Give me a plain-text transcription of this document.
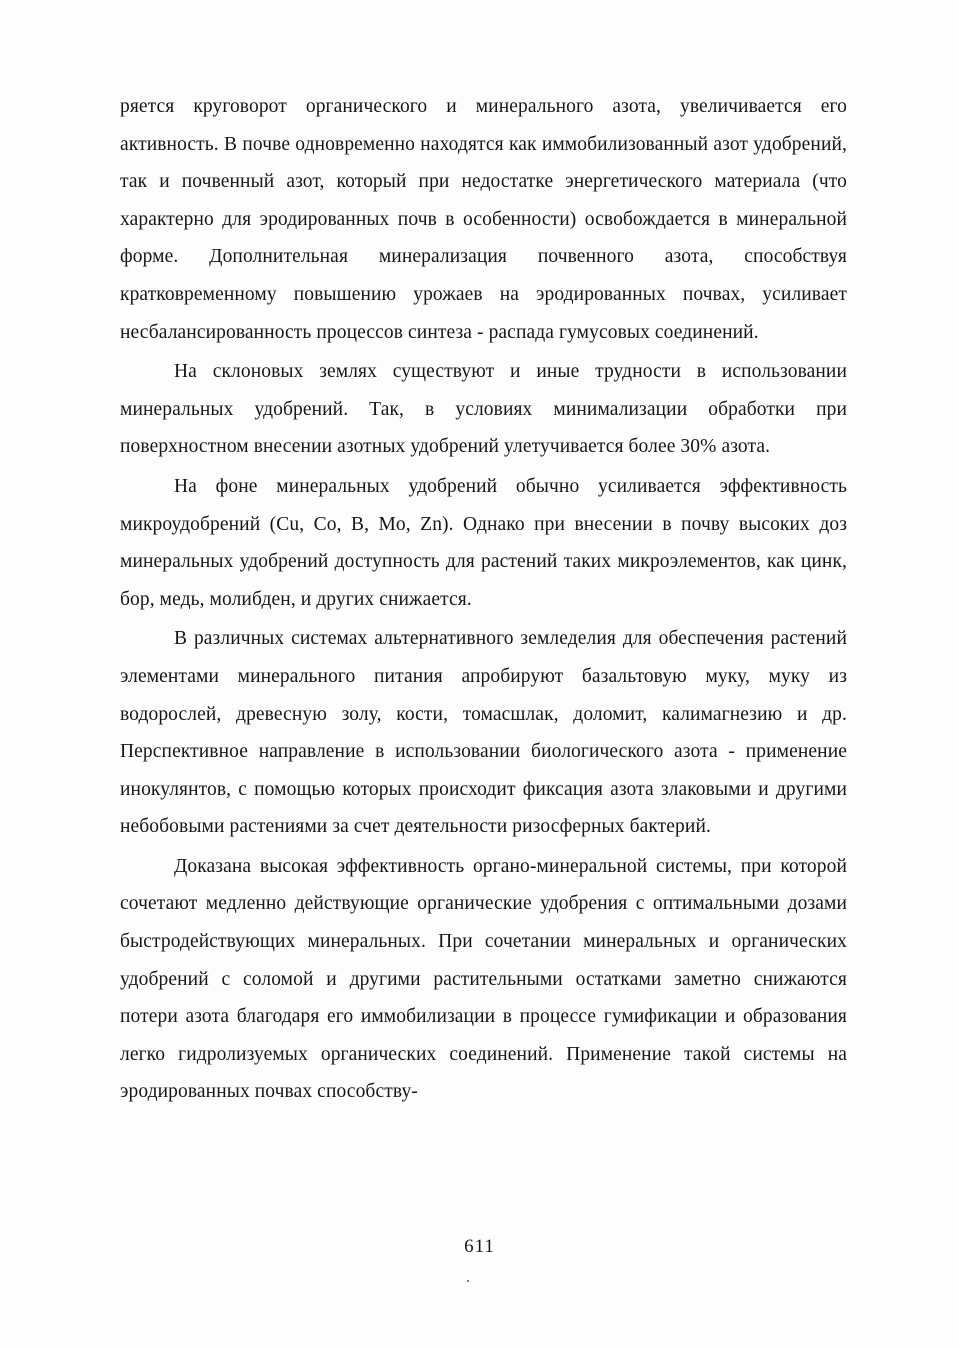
ряется круговорот органического и минерального азота, увеличивается его активность. В почве одновременно находятся как иммобилизованный азот удобрений, так и почвенный азот, который при недостатке энергетического материала (что характерно для эродированных почв в особенности) освобождается в минеральной форме. Дополнительная минерализация почвенного азота, способствуя кратковременному повышению урожаев на эродированных почвах, усиливает несбалансированность процессов синтеза - распада гумусовых соединений.

На склоновых землях существуют и иные трудности в использовании минеральных удобрений. Так, в условиях минимализации обработки при поверхностном внесении азотных удобрений улетучивается более 30% азота.

На фоне минеральных удобрений обычно усиливается эффективность микроудобрений (Cu, Co, B, Mo, Zn). Однако при внесении в почву высоких доз минеральных удобрений доступность для растений таких микроэлементов, как цинк, бор, медь, молибден, и других снижается.

В различных системах альтернативного земледелия для обеспечения растений элементами минерального питания апробируют базальтовую муку, муку из водорослей, древесную золу, кости, томасшлак, доломит, калимагнезию и др. Перспективное направление в использовании биологического азота - применение инокулянтов, с помощью которых происходит фиксация азота злаковыми и другими небобовыми растениями за счет деятельности ризосферных бактерий.

Доказана высокая эффективность органо-минеральной системы, при которой сочетают медленно действующие органические удобрения с оптимальными дозами быстродействующих минеральных. При сочетании минеральных и органических удобрений с соломой и другими растительными остатками заметно снижаются потери азота благодаря его иммобилизации в процессе гумификации и образования легко гидролизуемых органических соединений. Применение такой системы на эродированных почвах способству-

611
